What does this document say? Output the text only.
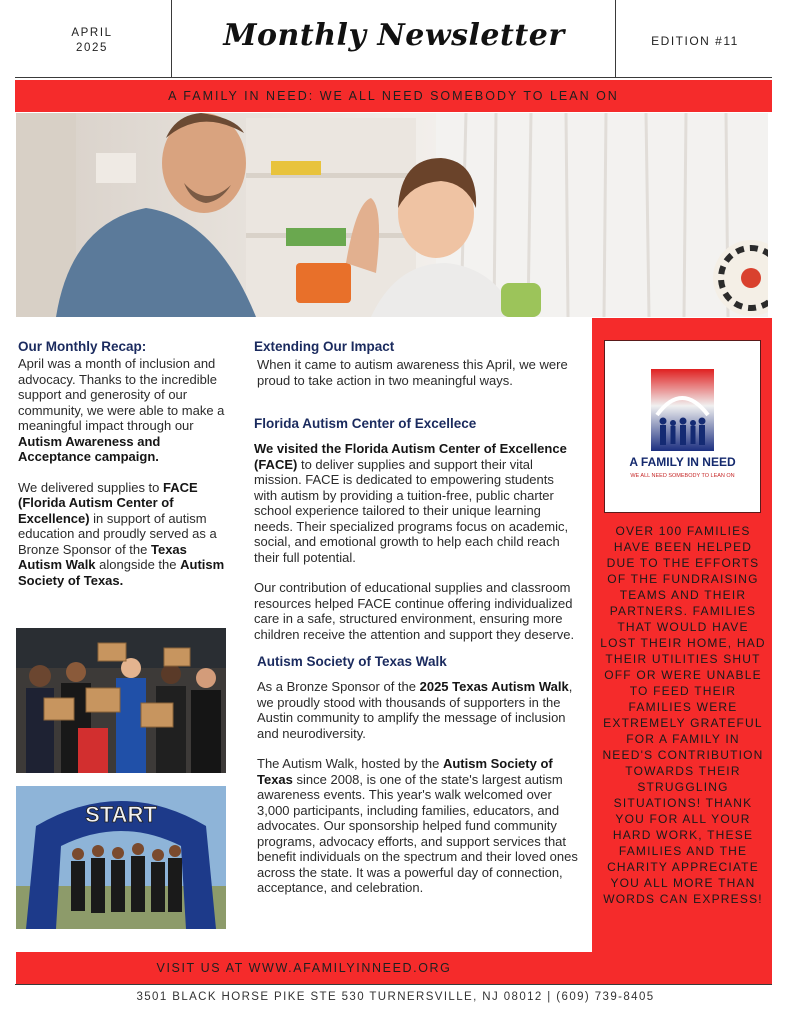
APRIL
2025	Monthly Newsletter	EDITION #11
A FAMILY IN NEED: WE ALL NEED SOMEBODY TO LEAN ON
Our Monthly Recap:

April was a month of inclusion and advocacy. Thanks to the incredible support and generosity of our community, we were able to make a meaningful impact through our Autism Awareness and Acceptance campaign.

We delivered supplies to FACE (Florida Autism Center of Excellence) in support of autism education and proudly served as a Bronze Sponsor of the Texas Autism Walk alongside the Autism Society of Texas.

START
Extending Our Impact

When it came to autism awareness this April, we were proud to take action in two meaningful ways.

Florida Autism Center of Excellece

We visited the Florida Autism Center of Excellence (FACE) to deliver supplies and support their vital mission. FACE is dedicated to empowering students with autism by providing a tuition-free, public charter school experience tailored to their unique learning needs. Their specialized programs focus on academic, social, and emotional growth to help each child reach their full potential.

Our contribution of educational supplies and classroom resources helped FACE continue offering individualized care in a safe, structured environment, ensuring more children receive the attention and support they deserve.

Autism Society of Texas Walk

As a Bronze Sponsor of the 2025 Texas Autism Walk, we proudly stood with thousands of supporters in the Austin community to amplify the message of inclusion and neurodiversity.

The Autism Walk, hosted by the Autism Society of Texas since 2008, is one of the state's largest autism awareness events. This year's walk welcomed over 3,000 participants, including families, educators, and advocates. Our sponsorship helped fund community programs, advocacy efforts, and support services that benefit individuals on the spectrum and their loved ones across the state. It was a powerful day of connection, acceptance, and celebration.

A FAMILY IN NEED
WE ALL NEED SOMEBODY TO LEAN ON
OVER 100 FAMILIES HAVE BEEN HELPED DUE TO THE EFFORTS OF THE FUNDRAISING TEAMS AND THEIR PARTNERS. FAMILIES THAT WOULD HAVE LOST THEIR HOME, HAD THEIR UTILITIES SHUT OFF OR WERE UNABLE TO FEED THEIR FAMILIES WERE EXTREMELY GRATEFUL FOR A FAMILY IN NEED'S CONTRIBUTION TOWARDS THEIR STRUGGLING SITUATIONS! THANK YOU FOR ALL YOUR HARD WORK, THESE FAMILIES AND THE CHARITY APPRECIATE YOU ALL MORE THAN WORDS CAN EXPRESS!
VISIT US AT WWW.AFAMILYINNEED.ORG
3501 BLACK HORSE PIKE STE 530 TURNERSVILLE, NJ 08012 | (609) 739-8405
